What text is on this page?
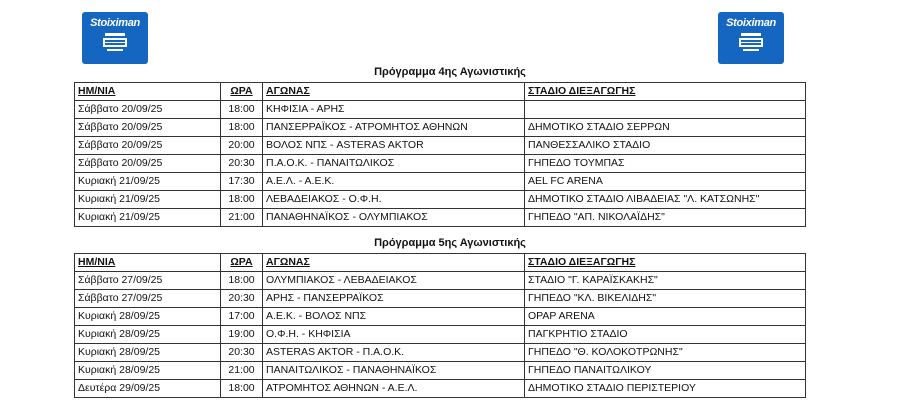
Stoiximan	Stoiximan
Πρόγραμμα 4ης Αγωνιστικής
ΗΜ/ΝΙΑ	ΩΡΑ	ΑΓΩΝΑΣ	ΣΤΑΔΙΟ ΔΙΕΞΑΓΩΓΗΣ
Σάββατο 20/09/25	18:00	ΚΗΦΙΣΙΑ - ΑΡΗΣ	
Σάββατο 20/09/25	18:00	ΠΑΝΣΕΡΡΑΪΚΟΣ - ΑΤΡΟΜΗΤΟΣ ΑΘΗΝΩΝ	ΔΗΜΟΤΙΚΟ ΣΤΑΔΙΟ ΣΕΡΡΩΝ
Σάββατο 20/09/25	20:00	ΒΟΛΟΣ ΝΠΣ - ASTERAS AKTOR	ΠΑΝΘΕΣΣΑΛΙΚΟ ΣΤΑΔΙΟ
Σάββατο 20/09/25	20:30	Π.Α.Ο.Κ. - ΠΑΝΑΙΤΩΛΙΚΟΣ	ΓΗΠΕΔΟ ΤΟΥΜΠΑΣ
Κυριακή 21/09/25	17:30	Α.Ε.Λ. - Α.Ε.Κ.	AEL FC ARENA
Κυριακή 21/09/25	18:00	ΛΕΒΑΔΕΙΑΚΟΣ - Ο.Φ.Η.	ΔΗΜΟΤΙΚΟ ΣΤΑΔΙΟ ΛΙΒΑΔΕΙΑΣ "Λ. ΚΑΤΣΩΝΗΣ"
Κυριακή 21/09/25	21:00	ΠΑΝΑΘΗΝΑΪΚΟΣ - ΟΛΥΜΠΙΑΚΟΣ	ΓΗΠΕΔΟ "ΑΠ. ΝΙΚΟΛΑΪΔΗΣ"
Πρόγραμμα 5ης Αγωνιστικής
ΗΜ/ΝΙΑ	ΩΡΑ	ΑΓΩΝΑΣ	ΣΤΑΔΙΟ ΔΙΕΞΑΓΩΓΗΣ
Σάββατο 27/09/25	18:00	ΟΛΥΜΠΙΑΚΟΣ - ΛΕΒΑΔΕΙΑΚΟΣ	ΣΤΑΔΙΟ "Γ. ΚΑΡΑΪΣΚΑΚΗΣ"
Σάββατο 27/09/25	20:30	ΑΡΗΣ - ΠΑΝΣΕΡΡΑΪΚΟΣ	ΓΗΠΕΔΟ "ΚΛ. ΒΙΚΕΛΙΔΗΣ"
Κυριακή 28/09/25	17:00	Α.Ε.Κ. - ΒΟΛΟΣ ΝΠΣ	OPAP ARENA
Κυριακή 28/09/25	19:00	Ο.Φ.Η. - ΚΗΦΙΣΙΑ	ΠΑΓΚΡΗΤΙΟ ΣΤΑΔΙΟ
Κυριακή 28/09/25	20:30	ASTERAS AKTOR - Π.Α.Ο.Κ.	ΓΗΠΕΔΟ "Θ. ΚΟΛΟΚΟΤΡΩΝΗΣ"
Κυριακή 28/09/25	21:00	ΠΑΝΑΙΤΩΛΙΚΟΣ - ΠΑΝΑΘΗΝΑΪΚΟΣ	ΓΗΠΕΔΟ ΠΑΝΑΙΤΩΛΙΚΟΥ
Δευτέρα 29/09/25	18:00	ΑΤΡΟΜΗΤΟΣ ΑΘΗΝΩΝ - Α.Ε.Λ.	ΔΗΜΟΤΙΚΟ ΣΤΑΔΙΟ ΠΕΡΙΣΤΕΡΙΟΥ
